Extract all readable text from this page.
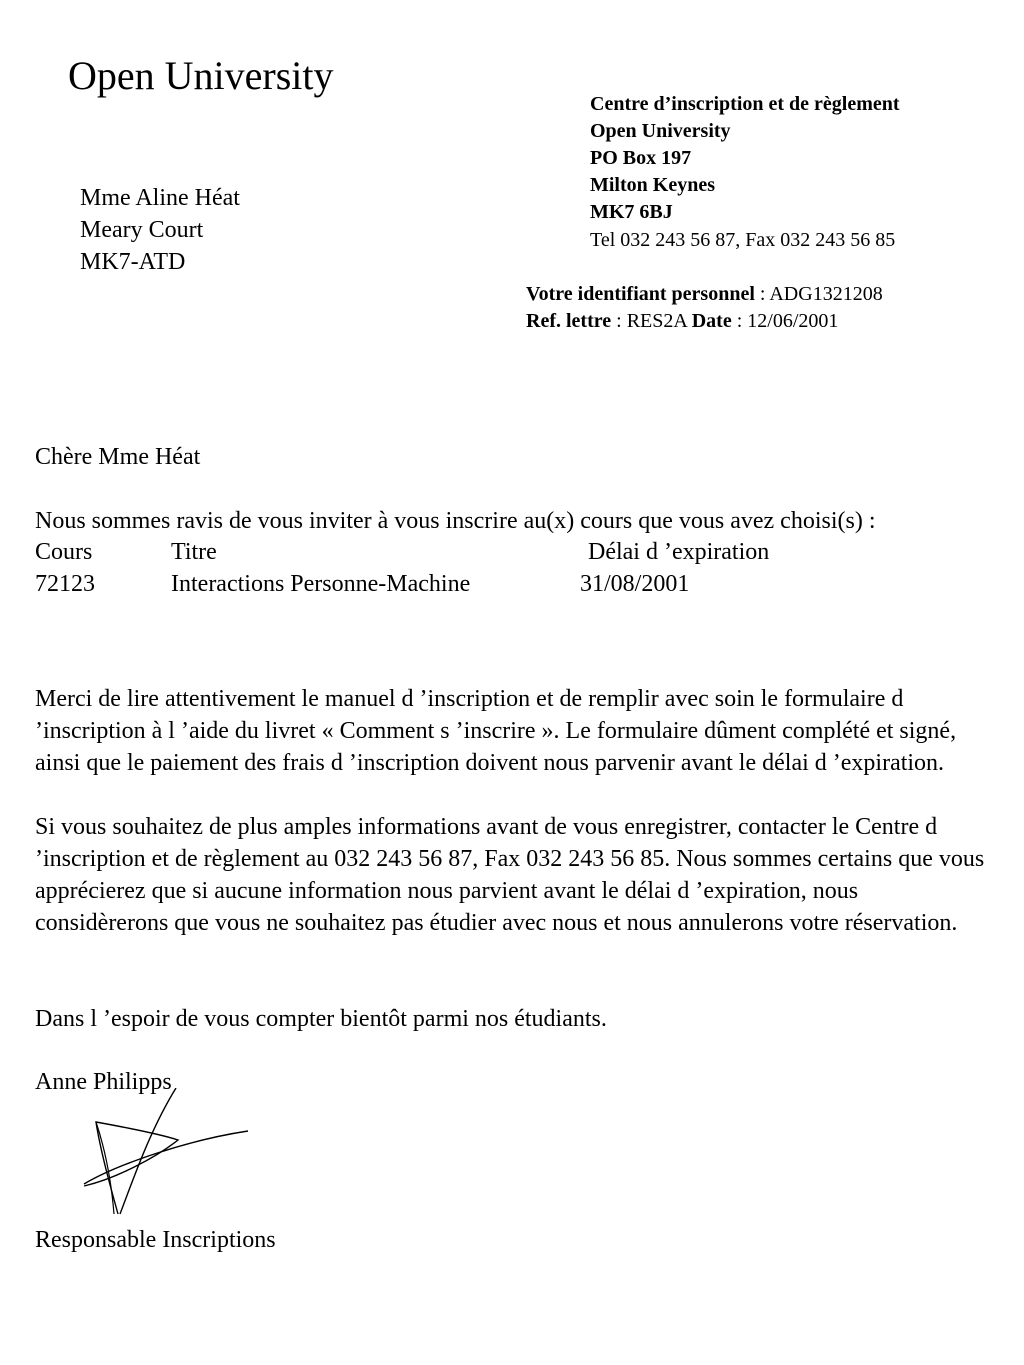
Open University
Mme Aline Héat
Meary Court
MK7-ATD
Centre d’inscription et de règlement
Open University
PO Box 197
Milton Keynes
MK7 6BJ
Tel 032 243 56 87, Fax 032 243 56 85
Votre identifiant personnel : ADG1321208
Ref. lettre : RES2A Date : 12/06/2001
Chère Mme Héat
Nous sommes ravis de vous inviter à vous inscrire au(x) cours que vous avez choisi(s) :
Cours	Titre	Délai d ’expiration
72123	Interactions Personne-Machine	31/08/2001
Merci de lire attentivement le manuel d ’inscription et de remplir avec soin le formulaire d ’inscription à l ’aide du livret « Comment s ’inscrire ». Le formulaire dûment complété et signé, ainsi que le paiement des frais d ’inscription doivent nous parvenir avant le délai d ’expiration.
Si vous souhaitez de plus amples informations avant de vous enregistrer, contacter le Centre d ’inscription et de règlement au 032 243 56 87, Fax 032 243 56 85. Nous sommes certains que vous apprécierez que si aucune information nous parvient avant le délai d ’expiration, nous considèrerons que vous ne souhaitez pas étudier avec nous et nous annulerons votre réservation.
Dans l ’espoir de vous compter bientôt parmi nos étudiants.
Anne Philipps
Responsable Inscriptions
